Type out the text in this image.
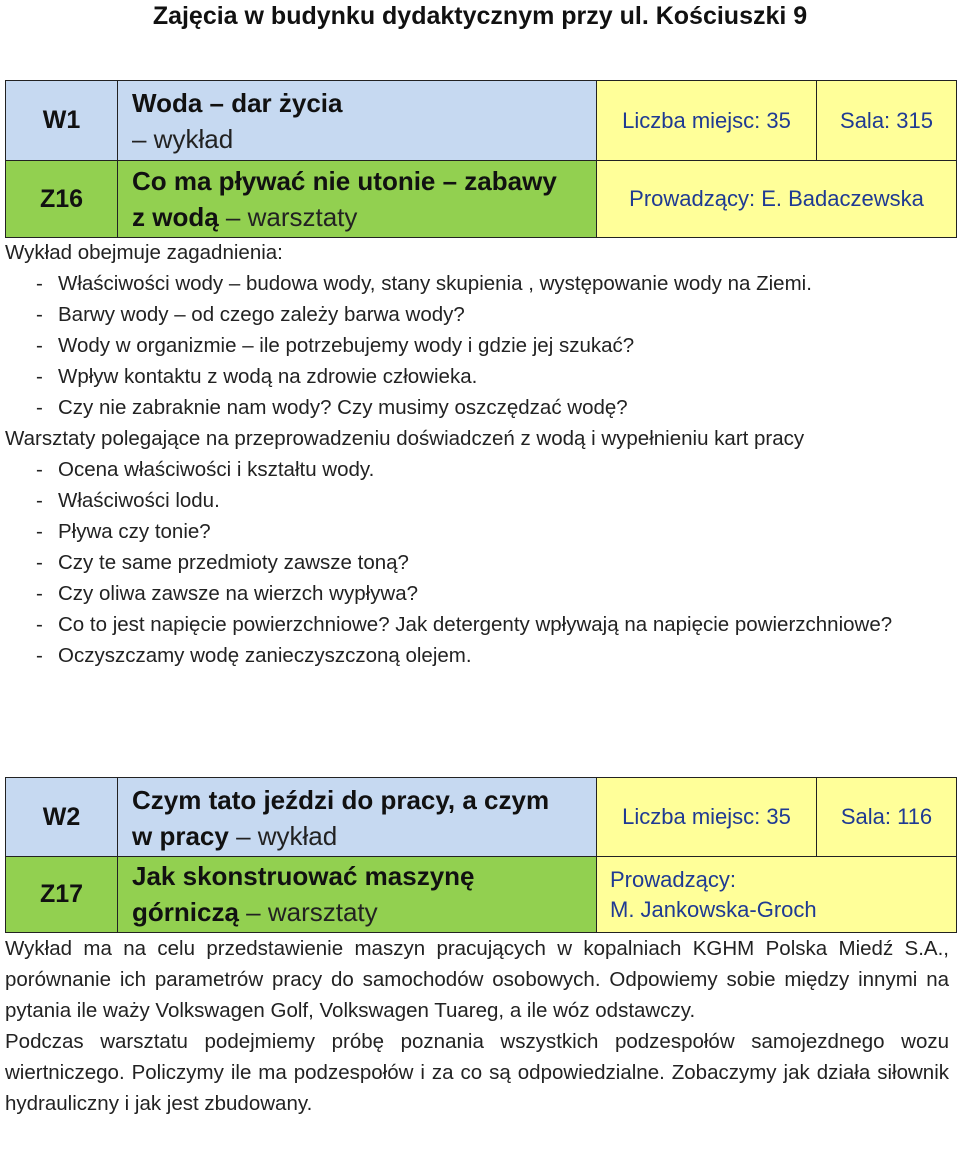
Zajęcia w budynku dydaktycznym przy ul. Kościuszki 9
W1
Z16
Woda – dar życia
– wykład
Co ma pływać nie utonie – zabawy
z wodą – warsztaty
Liczba miejsc: 35 Sala: 315
Prowadzący: E. Badaczewska

Wykład obejmuje zagadnienia:

- Właściwości wody – budowa wody, stany skupienia , występowanie wody na Ziemi.
- Barwy wody – od czego zależy barwa wody?
- Wody w organizmie – ile potrzebujemy wody i gdzie jej szukać?
- Wpływ kontaktu z wodą na zdrowie człowieka.
- Czy nie zabraknie nam wody? Czy musimy oszczędzać wodę?

Warsztaty polegające na przeprowadzeniu doświadczeń z wodą i wypełnieniu kart pracy

- Ocena właściwości i kształtu wody.
- Właściwości lodu.
- Pływa czy tonie?
- Czy te same przedmioty zawsze toną?
- Czy oliwa zawsze na wierzch wypływa?
- Co to jest napięcie powierzchniowe? Jak detergenty wpływają na napięcie powierzchniowe?
- Oczyszczamy wodę zanieczyszczoną olejem.
W2
Z17
Czym tato jeździ do pracy, a czym
w pracy – wykład
Jak skonstruować maszynę
górniczą – warsztaty
Liczba miejsc: 35 Sala: 116
Prowadzący:
M. Jankowska-Groch

Wykład ma na celu przedstawienie maszyn pracujących w kopalniach KGHM Polska Miedź S.A., porównanie ich parametrów pracy do samochodów osobowych. Odpowiemy sobie między innymi na pytania ile waży Volkswagen Golf, Volkswagen Tuareg, a ile wóz odstawczy.

Podczas warsztatu podejmiemy próbę poznania wszystkich podzespołów samojezdnego wozu wiertniczego. Policzymy ile ma podzespołów i za co są odpowiedzialne. Zobaczymy jak działa siłownik hydrauliczny i jak jest zbudowany.
